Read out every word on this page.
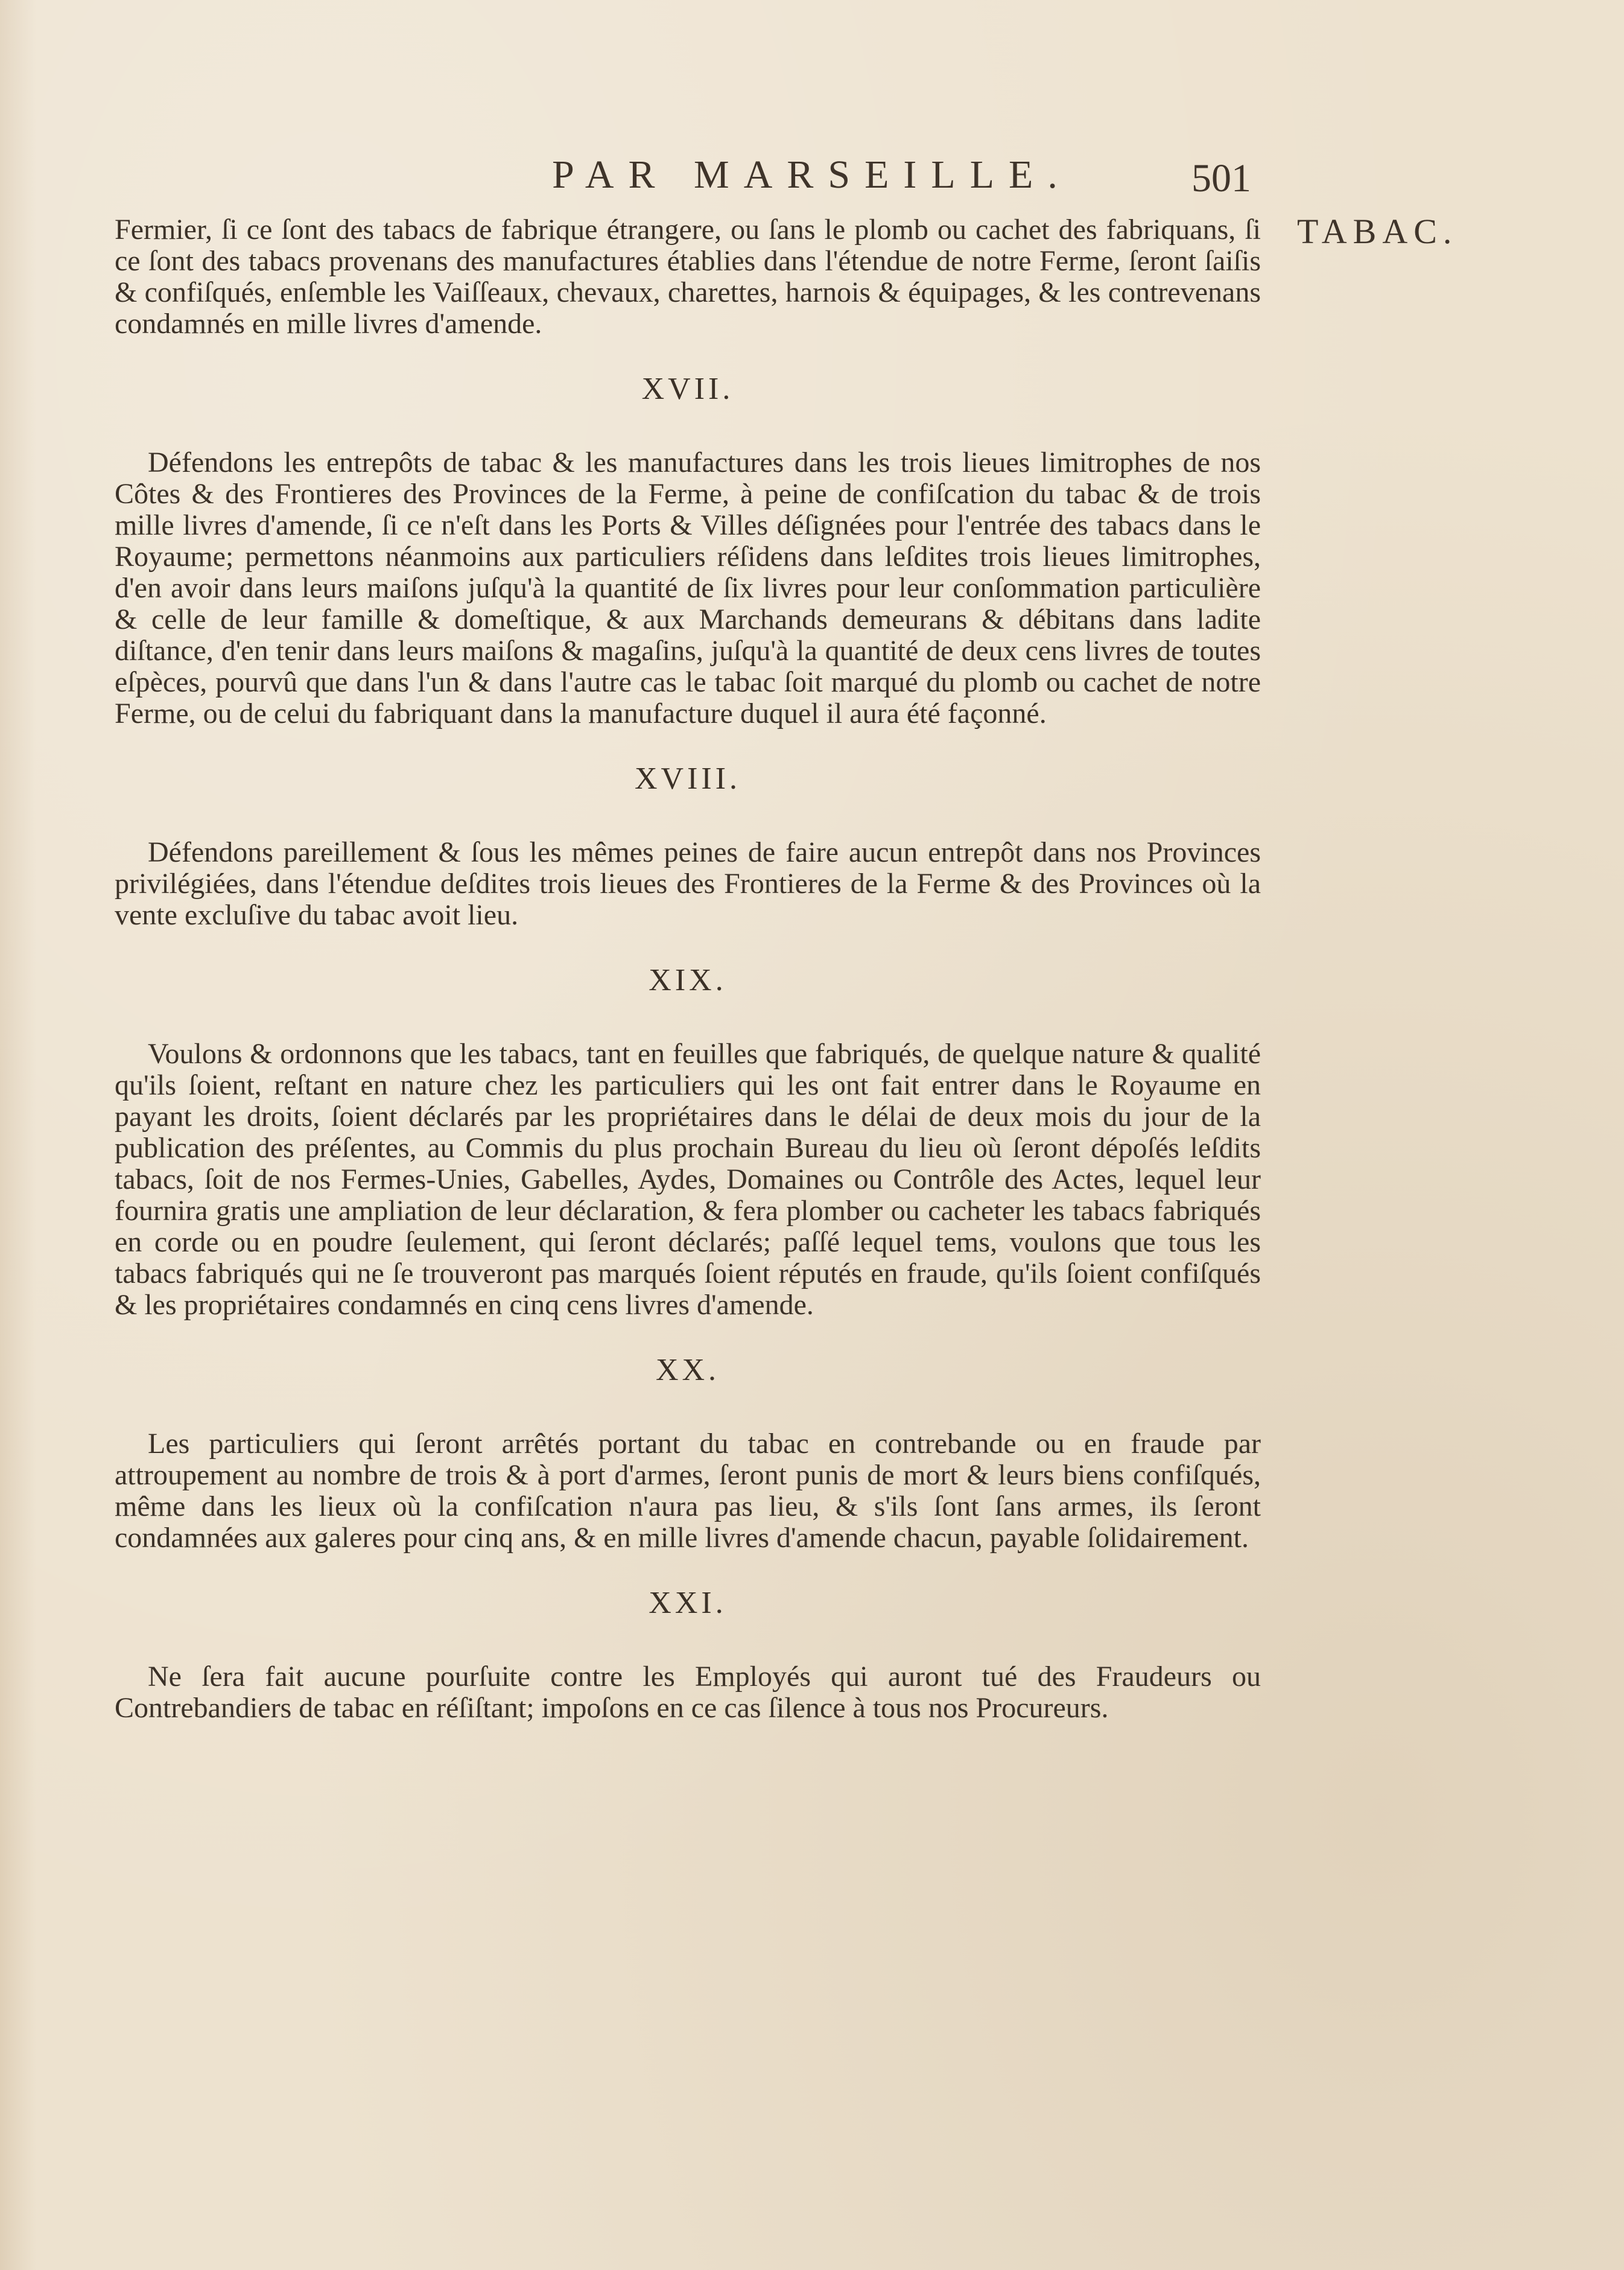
PAR MARSEILLE.	501
TABAC.

Fermier, ſi ce ſont des tabacs de fabrique étrangere, ou ſans le plomb ou cachet des fabriquans, ſi ce ſont des tabacs provenans des manufactures établies dans l'étendue de notre Ferme, ſeront ſaiſis & confiſqués, enſemble les Vaiſſeaux, chevaux, charettes, harnois & équipages, & les contrevenans condamnés en mille livres d'amende.

XVII.

Défendons les entrepôts de tabac & les manufactures dans les trois lieues limitrophes de nos Côtes & des Frontieres des Provinces de la Ferme, à peine de confiſcation du tabac & de trois mille livres d'amende, ſi ce n'eſt dans les Ports & Villes déſignées pour l'entrée des tabacs dans le Royaume; permettons néanmoins aux particuliers réſidens dans leſdites trois lieues limitrophes, d'en avoir dans leurs maiſons juſqu'à la quantité de ſix livres pour leur conſommation particulière & celle de leur famille & domeſtique, & aux Marchands demeurans & débitans dans ladite diſtance, d'en tenir dans leurs maiſons & magaſins, juſqu'à la quantité de deux cens livres de toutes eſpèces, pourvû que dans l'un & dans l'autre cas le tabac ſoit marqué du plomb ou cachet de notre Ferme, ou de celui du fabriquant dans la manufacture duquel il aura été façonné.

XVIII.

Défendons pareillement & ſous les mêmes peines de faire aucun entrepôt dans nos Provinces privilégiées, dans l'étendue deſdites trois lieues des Frontieres de la Ferme & des Provinces où la vente excluſive du tabac avoit lieu.

XIX.

Voulons & ordonnons que les tabacs, tant en feuilles que fabriqués, de quelque nature & qualité qu'ils ſoient, reſtant en nature chez les particuliers qui les ont fait entrer dans le Royaume en payant les droits, ſoient déclarés par les propriétaires dans le délai de deux mois du jour de la publication des préſentes, au Commis du plus prochain Bureau du lieu où ſeront dépoſés leſdits tabacs, ſoit de nos Fermes-Unies, Gabelles, Aydes, Domaines ou Contrôle des Actes, lequel leur fournira gratis une ampliation de leur déclaration, & fera plomber ou cacheter les tabacs fabriqués en corde ou en poudre ſeulement, qui ſeront déclarés; paſſé lequel tems, voulons que tous les tabacs fabriqués qui ne ſe trouveront pas marqués ſoient réputés en fraude, qu'ils ſoient confiſqués & les propriétaires condamnés en cinq cens livres d'amende.

XX.

Les particuliers qui ſeront arrêtés portant du tabac en contrebande ou en fraude par attroupement au nombre de trois & à port d'armes, ſeront punis de mort & leurs biens confiſqués, même dans les lieux où la confiſcation n'aura pas lieu, & s'ils ſont ſans armes, ils ſeront condamnées aux galeres pour cinq ans, & en mille livres d'amende chacun, payable ſolidairement.

XXI.

Ne ſera fait aucune pourſuite contre les Employés qui auront tué des Fraudeurs ou Contrebandiers de tabac en réſiſtant; impoſons en ce cas ſilence à tous nos Procureurs.
